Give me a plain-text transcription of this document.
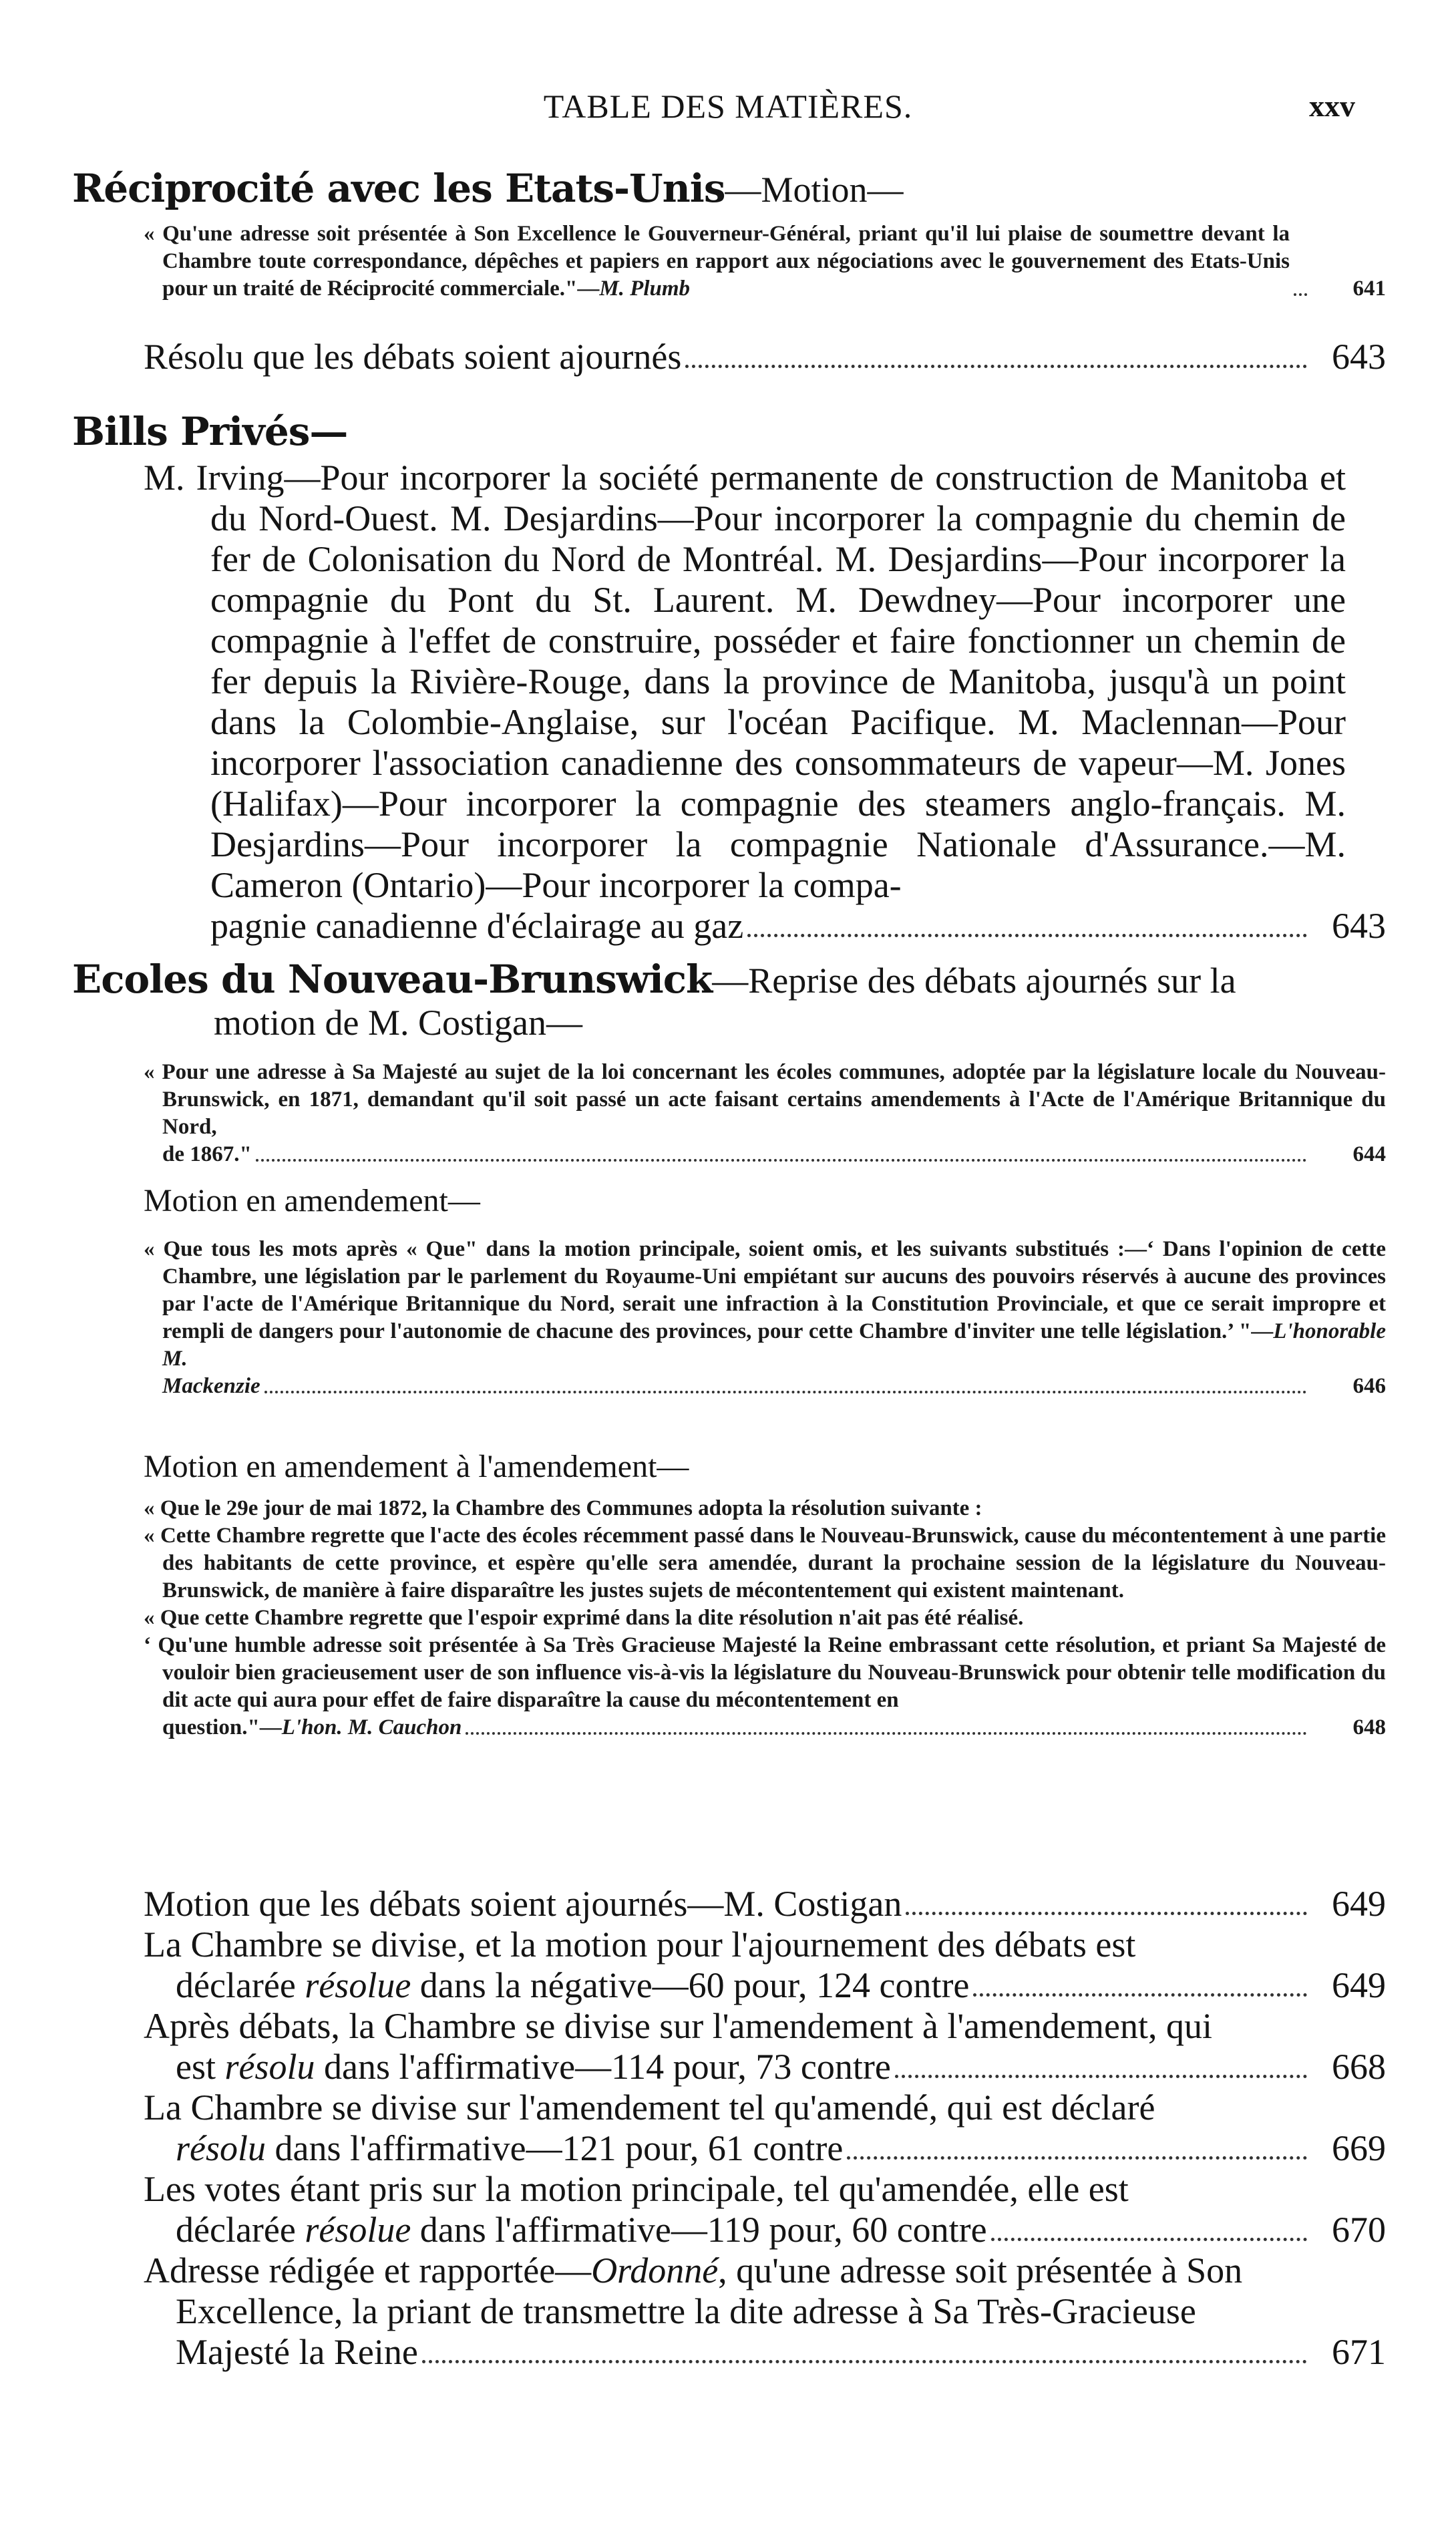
TABLE DES MATIÈRES.	xxv
Réciprocité avec les Etats-Unis—Motion—
« Qu'une adresse soit présentée à Son Excellence le Gouverneur-Général, priant qu'il lui plaise de soumettre devant la Chambre toute correspondance, dépêches et papiers en rapport aux négociations avec le gouvernement des Etats-Unis pour un traité de Réciprocité commerciale."—M. Plumb	641
Résolu que les débats soient ajournés	643
Bills Privés—
M. Irving—Pour incorporer la société permanente de construction de Manitoba et du Nord-Ouest. M. Desjardins—Pour incorporer la compagnie du chemin de fer de Colonisation du Nord de Montréal. M. Desjardins—Pour incorporer la compagnie du Pont du St. Laurent. M. Dewdney—Pour incorporer une compagnie à l'effet de construire, posséder et faire fonctionner un chemin de fer depuis la Rivière-Rouge, dans la province de Manitoba, jusqu'à un point dans la Colombie-Anglaise, sur l'océan Pacifique. M. Maclennan—Pour incorporer l'association canadienne des consommateurs de vapeur—M. Jones (Halifax)—Pour incorporer la compagnie des steamers anglo-français. M. Desjardins—Pour incorporer la compagnie Nationale d'Assurance.—M. Cameron (Ontario)—Pour incorporer la compa-
pagnie canadienne d'éclairage au gaz	643
Ecoles du Nouveau-Brunswick—Reprise des débats ajournés sur la
motion de M. Costigan—
« Pour une adresse à Sa Majesté au sujet de la loi concernant les écoles communes, adoptée par la législature locale du Nouveau-Brunswick, en 1871, demandant qu'il soit passé un acte faisant certains amendements à l'Acte de l'Amérique Britannique du Nord,
de 1867."	644
Motion en amendement—
« Que tous les mots après « Que" dans la motion principale, soient omis, et les suivants substitués :—‘ Dans l'opinion de cette Chambre, une législation par le parlement du Royaume-Uni empiétant sur aucuns des pouvoirs réservés à aucune des provinces par l'acte de l'Amérique Britannique du Nord, serait une infraction à la Constitution Provinciale, et que ce serait impropre et rempli de dangers pour l'autonomie de chacune des provinces, pour cette Chambre d'inviter une telle législation.’ "—L'honorable M.
Mackenzie	646
Motion en amendement à l'amendement—
« Que le 29e jour de mai 1872, la Chambre des Communes adopta la résolution suivante :
« Cette Chambre regrette que l'acte des écoles récemment passé dans le Nouveau-Brunswick, cause du mécontentement à une partie des habitants de cette province, et espère qu'elle sera amendée, durant la prochaine session de la législature du Nouveau-Brunswick, de manière à faire disparaître les justes sujets de mécontentement qui existent maintenant.
« Que cette Chambre regrette que l'espoir exprimé dans la dite résolution n'ait pas été réalisé.
‘ Qu'une humble adresse soit présentée à Sa Très Gracieuse Majesté la Reine embrassant cette résolution, et priant Sa Majesté de vouloir bien gracieusement user de son influence vis-à-vis la législature du Nouveau-Brunswick pour obtenir telle modification du dit acte qui aura pour effet de faire disparaître la cause du mécontentement en
question."—L'hon. M. Cauchon	648
Motion que les débats soient ajournés—M. Costigan	649
La Chambre se divise, et la motion pour l'ajournement des débats est
déclarée résolue dans la négative—60 pour, 124 contre	649
Après débats, la Chambre se divise sur l'amendement à l'amendement, qui
est résolu dans l'affirmative—114 pour, 73 contre	668
La Chambre se divise sur l'amendement tel qu'amendé, qui est déclaré
résolu dans l'affirmative—121 pour, 61 contre	669
Les votes étant pris sur la motion principale, tel qu'amendée, elle est
déclarée résolue dans l'affirmative—119 pour, 60 contre	670
Adresse rédigée et rapportée—Ordonné, qu'une adresse soit présentée à Son
Excellence, la priant de transmettre la dite adresse à Sa Très-Gracieuse
Majesté la Reine	671
